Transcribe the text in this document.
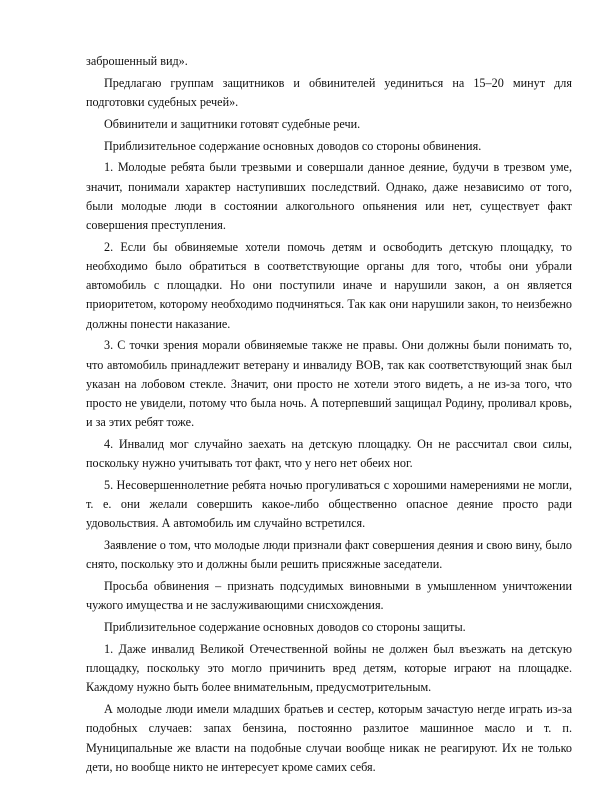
заброшенный вид».

Предлагаю группам защитников и обвинителей уединиться на 15–20 минут для подготовки судебных речей».

Обвинители и защитники готовят судебные речи.

Приблизительное содержание основных доводов со стороны обвинения.

1. Молодые ребята были трезвыми и совершали данное деяние, будучи в трезвом уме, значит, понимали характер наступивших последствий. Однако, даже независимо от того, были молодые люди в состоянии алкогольного опьянения или нет, существует факт совершения преступления.

2. Если бы обвиняемые хотели помочь детям и освободить детскую площадку, то необходимо было обратиться в соответствующие органы для того, чтобы они убрали автомобиль с площадки. Но они поступили иначе и нарушили закон, а он является приоритетом, которому необходимо подчиняться. Так как они нарушили закон, то неизбежно должны понести наказание.

3. С точки зрения морали обвиняемые также не правы. Они должны были понимать то, что автомобиль принадлежит ветерану и инвалиду ВОВ, так как соответствующий знак был указан на лобовом стекле. Значит, они просто не хотели этого видеть, а не из-за того, что просто не увидели, потому что была ночь. А потерпевший защищал Родину, проливал кровь, и за этих ребят тоже.

4. Инвалид мог случайно заехать на детскую площадку. Он не рассчитал свои силы, поскольку нужно учитывать тот факт, что у него нет обеих ног.

5. Несовершеннолетние ребята ночью прогуливаться с хорошими намерениями не могли, т. е. они желали совершить какое-либо общественно опасное деяние просто ради удовольствия. А автомобиль им случайно встретился.

Заявление о том, что молодые люди признали факт совершения деяния и свою вину, было снято, поскольку это и должны были решить присяжные заседатели.

Просьба обвинения – признать подсудимых виновными в умышленном уничтожении чужого имущества и не заслуживающими снисхождения.

Приблизительное содержание основных доводов со стороны защиты.

1. Даже инвалид Великой Отечественной войны не должен был въезжать на детскую площадку, поскольку это могло причинить вред детям, которые играют на площадке. Каждому нужно быть более внимательным, предусмотрительным.

А молодые люди имели младших братьев и сестер, которым зачастую негде играть из-за подобных случаев: запах бензина, постоянно разлитое машинное масло и т. п. Муниципальные же власти на подобные случаи вообще никак не реагируют. Их не только дети, но вообще никто не интересует кроме самих себя.
